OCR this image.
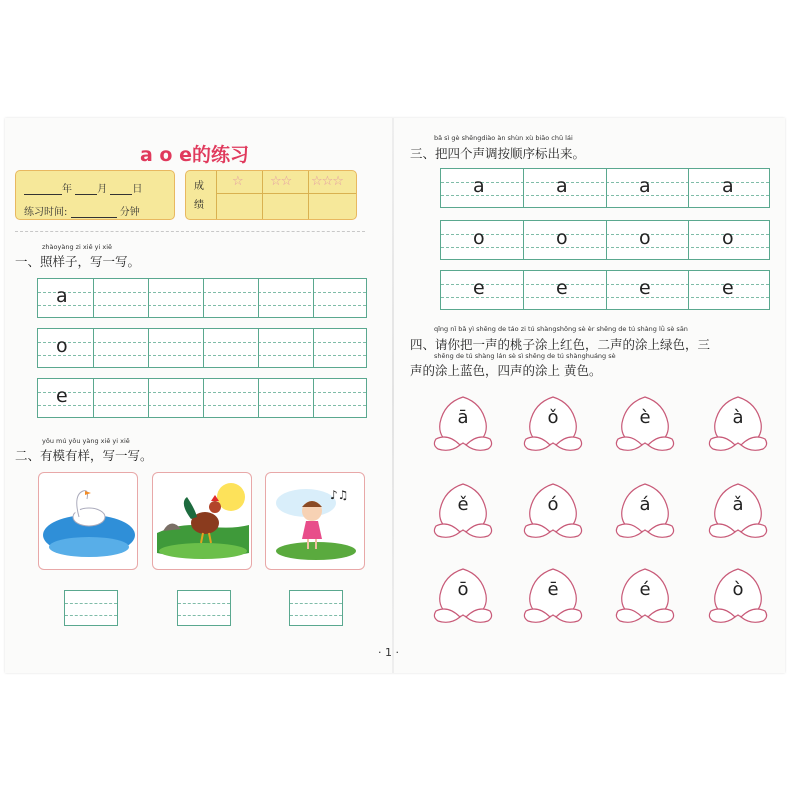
a o e的练习
年	月	日
练习时间:	分钟
成绩
☆ ☆☆ ☆☆☆
zhàoyàng zi xiě yi xiě
一、照样子，写一写。
a
o
e
yǒu mú yǒu yàng xiě yi xiě
二、有模有样，写一写。
♪♫
· 1 ·
bǎ sì gè shēngdiào àn shùn xù biāo chū lái
三、把四个声调按顺序标出来。
a	a	a	a
o	o	o	o
e	e	e	e
qǐng nǐ bǎ yì shēng de táo zi tú shàngshōng sè èr shēng de tú shàng lǜ sè sān
四、请你把一声的桃子涂上红色，二声的涂上绿色，三
shēng de tú shàng lán sè sì shēng de tú shànghuáng sè
声的涂上蓝色，四声的涂上 黄色。
ā	ǒ	è	à
ě	ó	á	ǎ
ō	ē	é	ò
